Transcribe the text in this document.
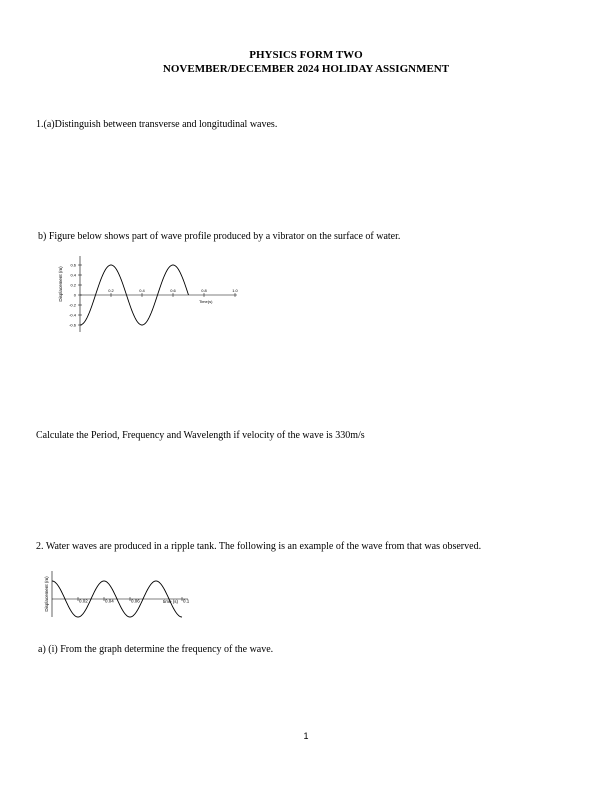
PHYSICS FORM TWO
NOVEMBER/DECEMBER 2024 HOLIDAY ASSIGNMENT
1.(a)Distinguish between transverse and longitudinal waves.
b) Figure below shows part of wave profile produced by a vibrator on the surface of water.
0.6
0.4
0.2
0
-0.2
-0.4
-0.6
0.2	0.4	0.6	0.8	1.0
Displacement (m)	Time(s)
Calculate the Period, Frequency and Wavelength if velocity of the wave is 330m/s
2. Water waves are produced in a ripple tank. The following is an example of the wave from that was observed.
0.02	0.04	0.06	0.1
Displacement (m)	time (s)
a) (i) From the graph determine the frequency of the wave.
1
